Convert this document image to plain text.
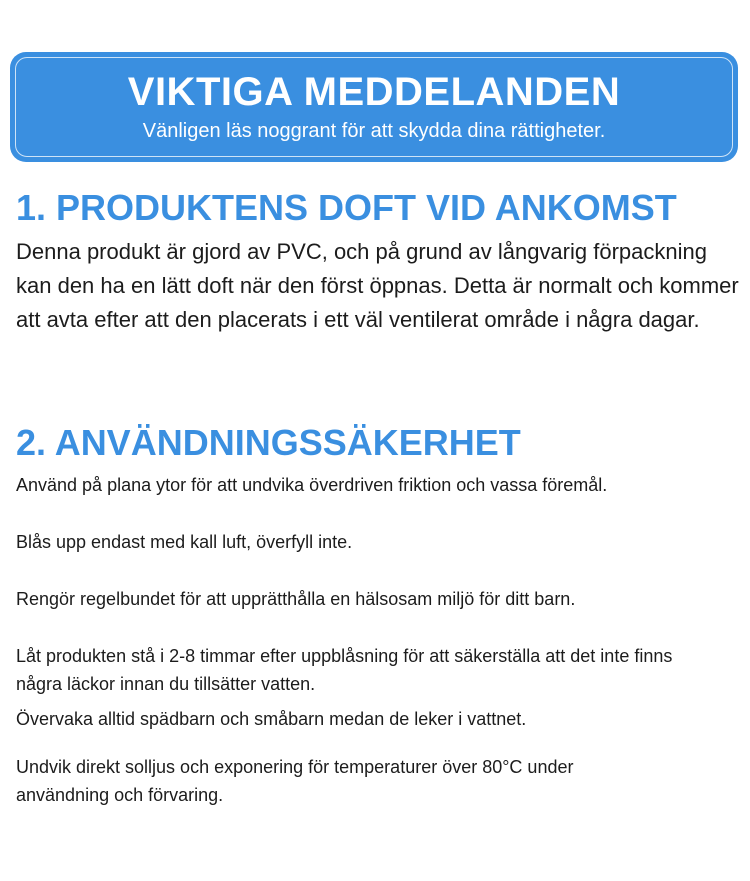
VIKTIGA MEDDELANDEN
Vänligen läs noggrant för att skydda dina rättigheter.
1. PRODUKTENS DOFT VID ANKOMST
Denna produkt är gjord av PVC, och på grund av långvarig förpackning kan den ha en lätt doft när den först öppnas. Detta är normalt och kommer att avta efter att den placerats i ett väl ventilerat område i några dagar.
2. ANVÄNDNINGSSÄKERHET
Använd på plana ytor för att undvika överdriven friktion och vassa föremål.
Blås upp endast med kall luft, överfyll inte.
Rengör regelbundet för att upprätthålla en hälsosam miljö för ditt barn.
Låt produkten stå i 2-8 timmar efter uppblåsning för att säkerställa att det inte finns några läckor innan du tillsätter vatten.
Övervaka alltid spädbarn och småbarn medan de leker i vattnet.
Undvik direkt solljus och exponering för temperaturer över 80°C under användning och förvaring.
